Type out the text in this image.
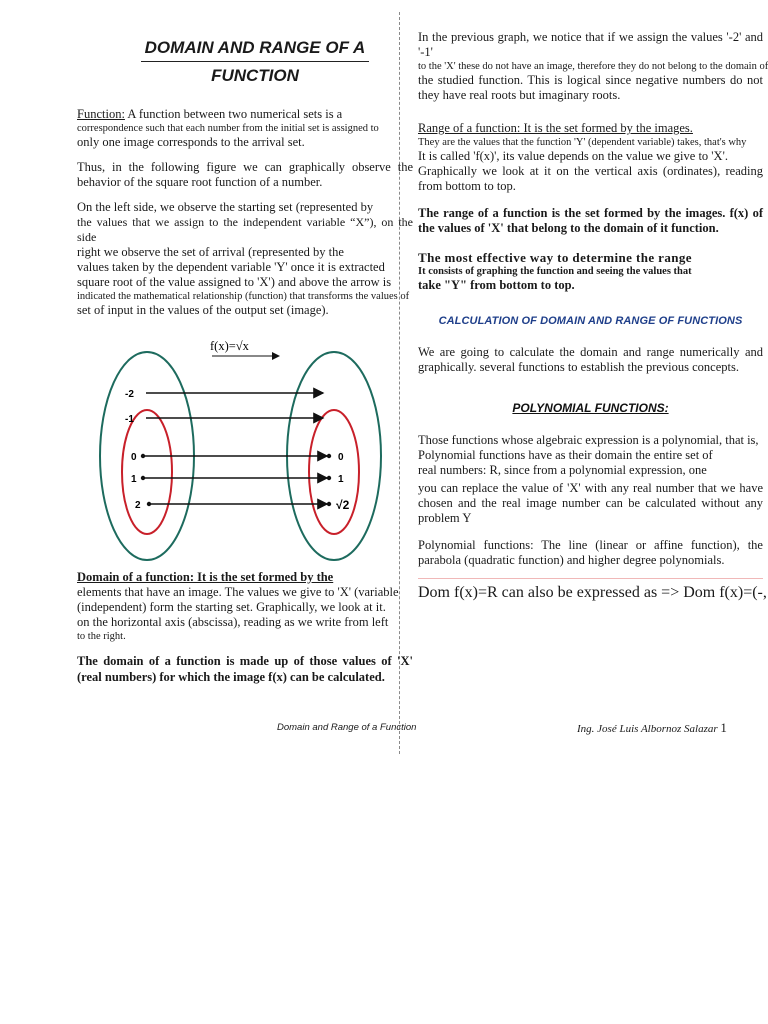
DOMAIN AND RANGE OF A
FUNCTION

Function: A function between two numerical sets is a

correspondence such that each number from the initial set is assigned to

only one image corresponds to the arrival set.

Thus, in the following figure we can graphically observe the behavior of the square root function of a number.

On the left side, we observe the starting set (represented by

the values that we assign to the independent variable “X”), on the side

right we observe the set of arrival (represented by the

values taken by the dependent variable 'Y' once it is extracted

square root of the value assigned to 'X') and above the arrow is

indicated the mathematical relationship (function) that transforms the values of

set of input in the values of the output set (image).

f(x)=√x
-2
-1
0
1
2
0
1
√2

Domain of a function: It is the set formed by the

elements that have an image. The values we give to 'X' (variable

(independent) form the starting set. Graphically, we look at it.

on the horizontal axis (abscissa), reading as we write from left

to the right.

The domain of a function is made up of those values of 'X' (real numbers) for which the image f(x) can be calculated.

In the previous graph, we notice that if we assign the values '-2' and '-1'

to the 'X' these do not have an image, therefore they do not belong to the domain of

the studied function. This is logical since negative numbers do not they have real roots but imaginary roots.

Range of a function: It is the set formed by the images.

They are the values that the function 'Y' (dependent variable) takes, that's why

It is called 'f(x)', its value depends on the value we give to 'X'.

Graphically we look at it on the vertical axis (ordinates), reading from bottom to top.

The range of a function is the set formed by the images. f(x) of the values of 'X' that belong to the domain of it function.

The most effective way to determine the range

It consists of graphing the function and seeing the values that

take "Y" from bottom to top.

CALCULATION OF DOMAIN AND RANGE OF FUNCTIONS

We are going to calculate the domain and range numerically and graphically. several functions to establish the previous concepts.

POLYNOMIAL FUNCTIONS:

Those functions whose algebraic expression is a polynomial, that is,

Polynomial functions have as their domain the entire set of

real numbers: R, since from a polynomial expression, one

you can replace the value of 'X' with any real number that we have chosen and the real image number can be calculated without any problem Y

Polynomial functions: The line (linear or affine function), the parabola (quadratic function) and higher degree polynomials.

Dom f(x)=R can also be expressed as => Dom f(x)=(-,
Domain and Range of a Function	Ing. José Luis Albornoz Salazar 1
